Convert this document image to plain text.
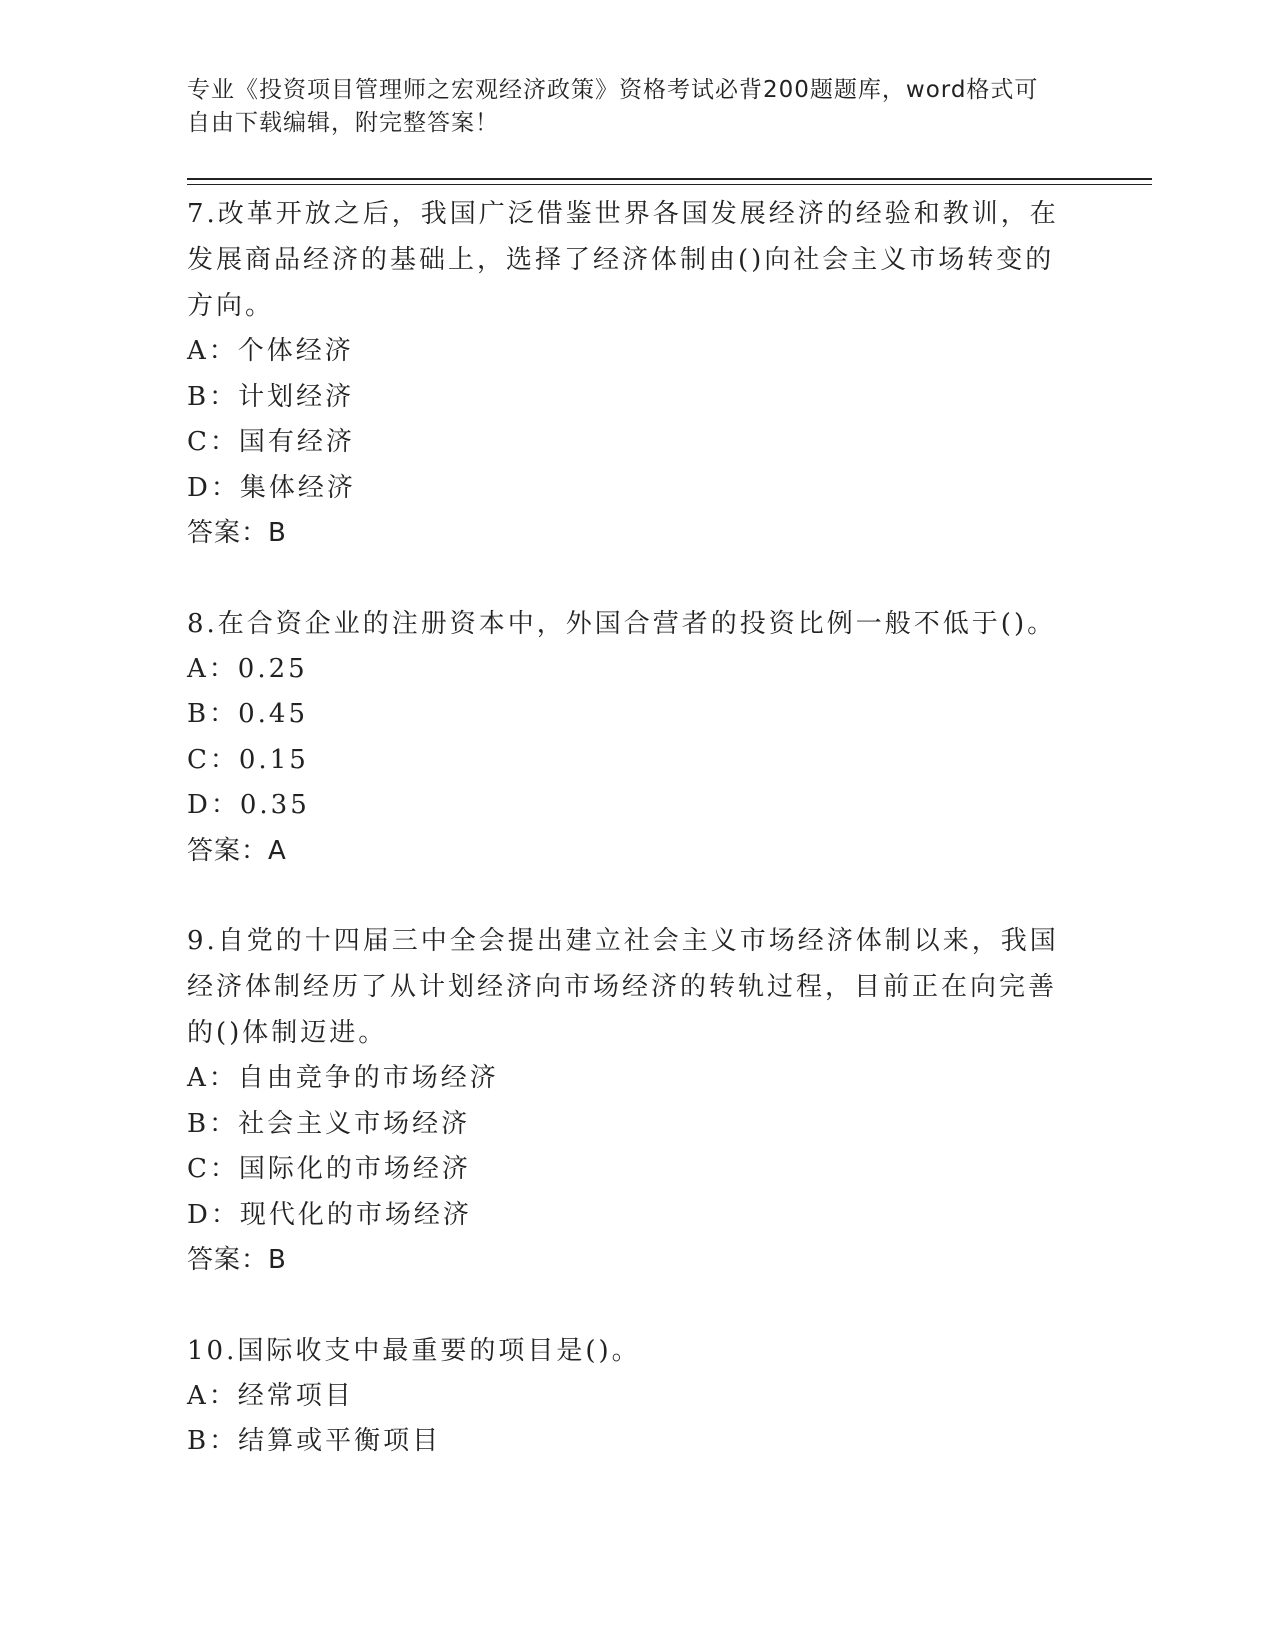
专业《投资项目管理师之宏观经济政策》资格考试必背200题题库，word格式可

自由下载编辑，附完整答案！

7.改革开放之后，我国广泛借鉴世界各国发展经济的经验和教训，在
发展商品经济的基础上，选择了经济体制由()向社会主义市场转变的
方向。

A：个体经济
B：计划经济
C：国有经济
D：集体经济
答案：B

8.在合资企业的注册资本中，外国合营者的投资比例一般不低于()。

A：0.25
B：0.45
C：0.15
D：0.35
答案：A

9.自党的十四届三中全会提出建立社会主义市场经济体制以来，我国
经济体制经历了从计划经济向市场经济的转轨过程，目前正在向完善
的()体制迈进。

A：自由竞争的市场经济
B：社会主义市场经济
C：国际化的市场经济
D：现代化的市场经济
答案：B

10.国际收支中最重要的项目是()。

A：经常项目
B：结算或平衡项目
